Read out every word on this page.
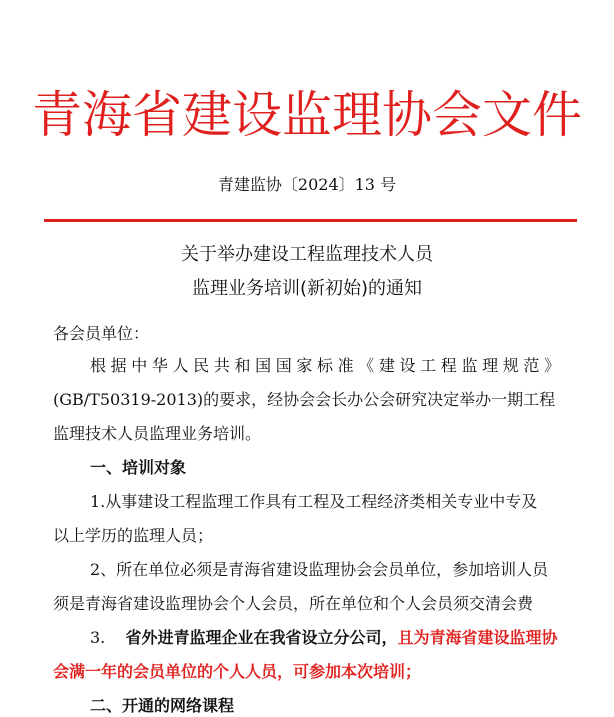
青海省建设监理协会文件
青建监协〔2024〕13 号
关于举办建设工程监理技术人员
监理业务培训(新初始)的通知
各会员单位：
根据中华人民共和国国家标准《建设工程监理规范》
(GB/T50319-2013)的要求，经协会会长办公会研究决定举办一期工程
监理技术人员监理业务培训。
一、培训对象
1.从事建设工程监理工作具有工程及工程经济类相关专业中专及
以上学历的监理人员；
2、所在单位必须是青海省建设监理协会会员单位，参加培训人员
须是青海省建设监理协会个人会员，所在单位和个人会员须交清会费
3. 省外进青监理企业在我省设立分公司，且为青海省建设监理协
会满一年的会员单位的个人人员，可参加本次培训；
二、开通的网络课程
